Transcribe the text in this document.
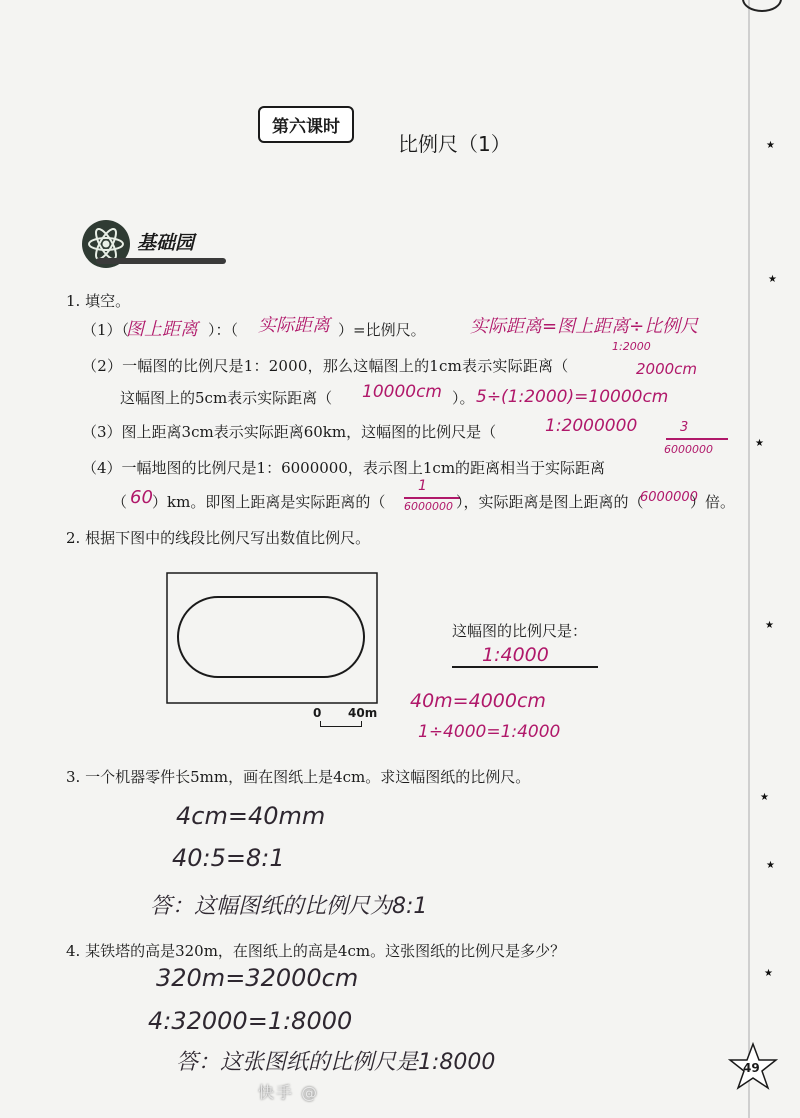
★
★
★
★
★
★
★
第六课时
比例尺（1）
基础园
1. 填空。
（1）（
图上距离 ）：（ 实际距离 ）=比例尺。 实际距离=图上距离÷比例尺
1:2000
（2）一幅图的比例尺是1：2000，那么这幅图上的1cm表示实际距离（	2000cm
这幅图上的5cm表示实际距离（ 10000cm ）。 5÷(1:2000)=10000cm
（3）图上距离3cm表示实际距离60km，这幅图的比例尺是（	1:2000000	3
6000000
（4）一幅地图的比例尺是1：6000000，表示图上1cm的距离相当于实际距离
（ 60 ）km。即图上距离是实际距离的（
1
6000000 ），实际距离是图上距离的（
6000000
）倍。
2. 根据下图中的线段比例尺写出数值比例尺。
0 40m
这幅图的比例尺是：
1:4000
40m=4000cm
1÷4000=1:4000
3. 一个机器零件长5mm，画在图纸上是4cm。求这幅图纸的比例尺。
4cm=40mm
40:5=8:1
答：这幅图纸的比例尺为8:1
4. 某铁塔的高是320m，在图纸上的高是4cm。这张图纸的比例尺是多少？
320m=32000cm
4:32000=1:8000
答：这张图纸的比例尺是1:8000	49
快手 @
